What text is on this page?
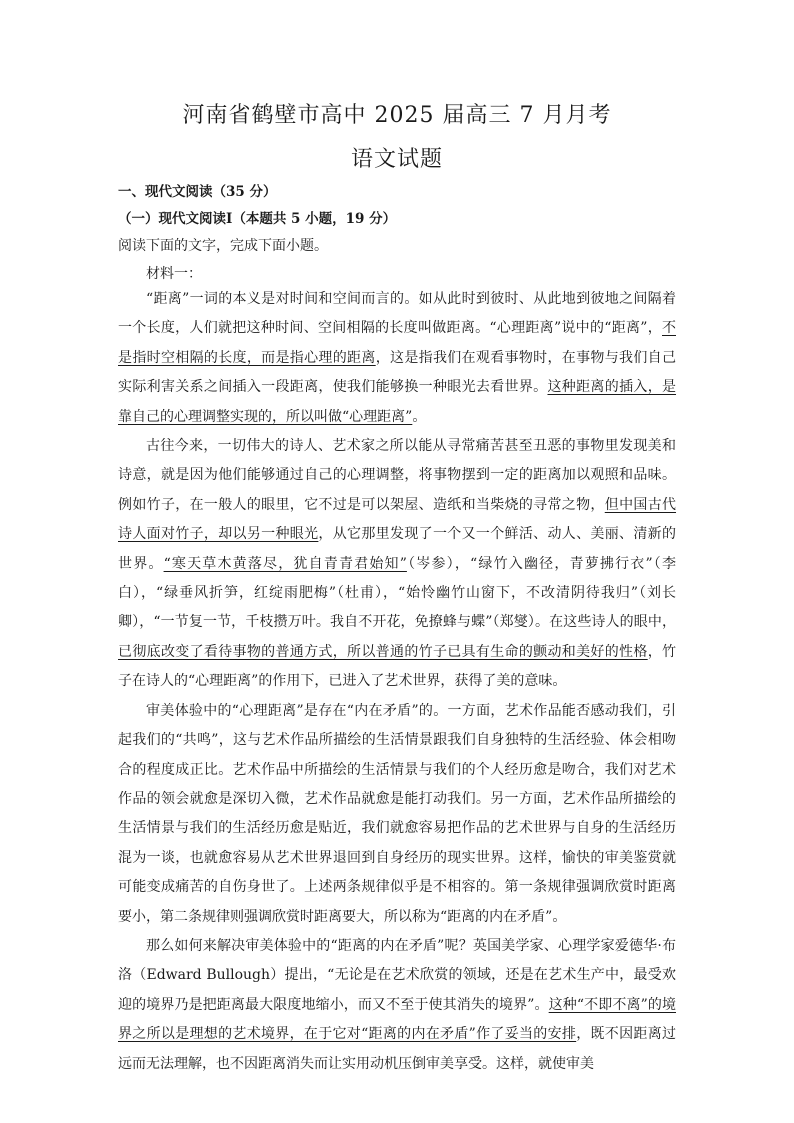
河南省鹤壁市高中 2025 届高三 7 月月考
语文试题
一、现代文阅读（35 分）
（一）现代文阅读Ⅰ（本题共 5 小题，19 分）
阅读下面的文字，完成下面小题。
材料一：

“距离”一词的本义是对时间和空间而言的。如从此时到彼时、从此地到彼地之间隔着一个长度，人们就把这种时间、空间相隔的长度叫做距离。“心理距离”说中的“距离”，不是指时空相隔的长度，而是指心理的距离，这是指我们在观看事物时，在事物与我们自己实际利害关系之间插入一段距离，使我们能够换一种眼光去看世界。这种距离的插入，是靠自己的心理调整实现的，所以叫做“心理距离”。

古往今来，一切伟大的诗人、艺术家之所以能从寻常痛苦甚至丑恶的事物里发现美和诗意，就是因为他们能够通过自己的心理调整，将事物摆到一定的距离加以观照和品味。例如竹子，在一般人的眼里，它不过是可以架屋、造纸和当柴烧的寻常之物，但中国古代诗人面对竹子，却以另一种眼光，从它那里发现了一个又一个鲜活、动人、美丽、清新的世界。“寒天草木黄落尽，犹自青青君始知”（岑参），“绿竹入幽径，青萝拂行衣”（李白），“绿垂风折笋，红绽雨肥梅”（杜甫），“始怜幽竹山窗下，不改清阴待我归”（刘长卿），“一节复一节，千枝攒万叶。我自不开花，免撩蜂与蝶”（郑燮）。在这些诗人的眼中，已彻底改变了看待事物的普通方式，所以普通的竹子已具有生命的颤动和美好的性格，竹子在诗人的“心理距离”的作用下，已进入了艺术世界，获得了美的意味。

审美体验中的“心理距离”是存在“内在矛盾”的。一方面，艺术作品能否感动我们，引起我们的“共鸣”，这与艺术作品所描绘的生活情景跟我们自身独特的生活经验、体会相吻合的程度成正比。艺术作品中所描绘的生活情景与我们的个人经历愈是吻合，我们对艺术作品的领会就愈是深切入微，艺术作品就愈是能打动我们。另一方面，艺术作品所描绘的生活情景与我们的生活经历愈是贴近，我们就愈容易把作品的艺术世界与自身的生活经历混为一谈，也就愈容易从艺术世界退回到自身经历的现实世界。这样，愉快的审美鉴赏就可能变成痛苦的自伤身世了。上述两条规律似乎是不相容的。第一条规律强调欣赏时距离要小，第二条规律则强调欣赏时距离要大，所以称为“距离的内在矛盾”。

那么如何来解决审美体验中的“距离的内在矛盾”呢？英国美学家、心理学家爱德华·布洛（Edward Bullough）提出，“无论是在艺术欣赏的领域，还是在艺术生产中，最受欢迎的境界乃是把距离最大限度地缩小，而又不至于使其消失的境界”。这种“不即不离”的境界之所以是理想的艺术境界，在于它对“距离的内在矛盾”作了妥当的安排，既不因距离过远而无法理解，也不因距离消失而让实用动机压倒审美享受。这样，就使审美
